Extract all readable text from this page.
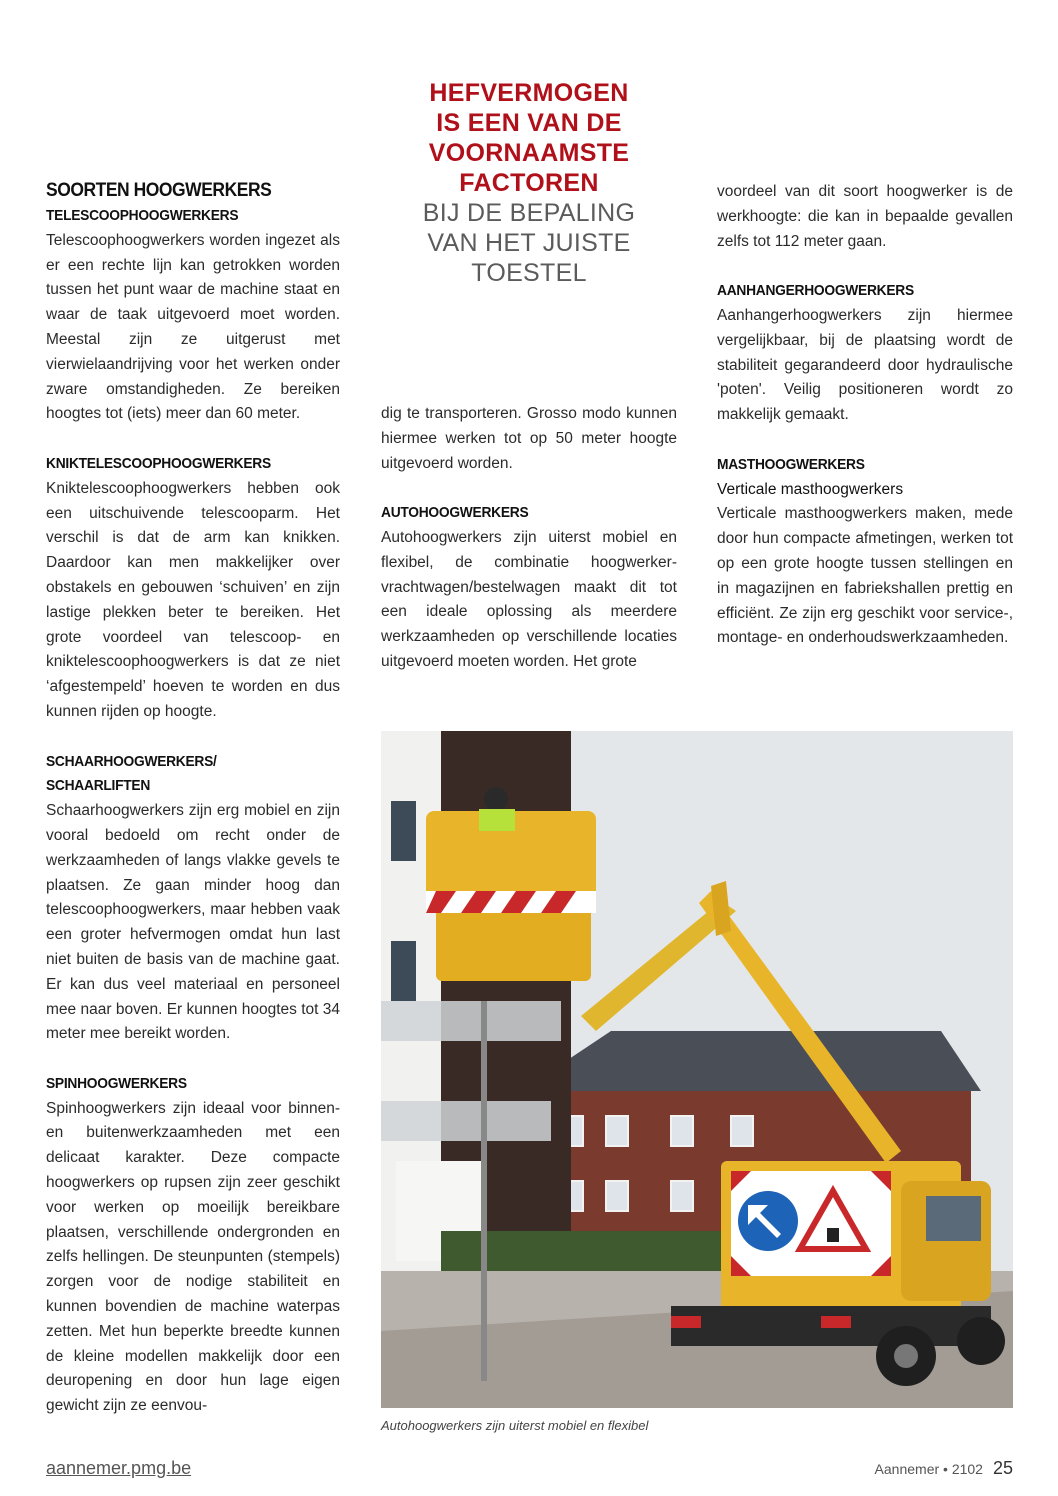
HEFVERMOGEN

IS EEN VAN DE

VOORNAAMSTE

FACTOREN

BIJ DE BEPALING

VAN HET JUISTE

TOESTEL

SOORTEN HOOGWERKERS
TELESCOOPHOOGWERKERS

Telescoophoogwerkers worden ingezet als er een rechte lijn kan getrokken worden tussen het punt waar de machine staat en waar de taak uitgevoerd moet worden. Meestal zijn ze uitgerust met vierwielaandrijving voor het werken onder zware omstandigheden. Ze bereiken hoogtes tot (iets) meer dan 60 meter.

KNIKTELESCOOPHOOGWERKERS

Kniktelescoophoogwerkers hebben ook een uitschuivende telescooparm. Het verschil is dat de arm kan knikken. Daardoor kan men makkelijker over obstakels en gebouwen ‘schuiven’ en zijn lastige plekken beter te bereiken. Het grote voordeel van telescoop- en kniktelescoophoogwerkers is dat ze niet ‘afgestempeld’ hoeven te worden en dus kunnen rijden op hoogte.

SCHAARHOOGWERKERS/
SCHAARLIFTEN

Schaarhoogwerkers zijn erg mobiel en zijn vooral bedoeld om recht onder de werkzaamheden of langs vlakke gevels te plaatsen. Ze gaan minder hoog dan telescoophoogwerkers, maar hebben vaak een groter hefvermogen omdat hun last niet buiten de basis van de machine gaat. Er kan dus veel materiaal en personeel mee naar boven. Er kunnen hoogtes tot 34 meter mee bereikt worden.

SPINHOOGWERKERS

Spinhoogwerkers zijn ideaal voor binnen- en buitenwerkzaamheden met een delicaat karakter. Deze compacte hoogwerkers op rupsen zijn zeer geschikt voor werken op moeilijk bereikbare plaatsen, verschillende ondergronden en zelfs hellingen. De steunpunten (stempels) zorgen voor de nodige stabiliteit en kunnen bovendien de machine waterpas zetten. Met hun beperkte breedte kunnen de kleine modellen makkelijk door een deuropening en door hun lage eigen gewicht zijn ze eenvou-

dig te transporteren. Grosso modo kunnen hiermee werken tot op 50 meter hoogte uitgevoerd worden.

AUTOHOOGWERKERS

Autohoogwerkers zijn uiterst mobiel en flexibel, de combinatie hoogwerker-vrachtwagen/bestelwagen maakt dit tot een ideale oplossing als meerdere werkzaamheden op verschillende locaties uitgevoerd moeten worden. Het grote

voordeel van dit soort hoogwerker is de werkhoogte: die kan in bepaalde gevallen zelfs tot 112 meter gaan.

AANHANGERHOOGWERKERS

Aanhangerhoogwerkers zijn hiermee vergelijkbaar, bij de plaatsing wordt de stabiliteit gegarandeerd door hydraulische 'poten'. Veilig positioneren wordt zo makkelijk gemaakt.

MASTHOOGWERKERS
Verticale masthoogwerkers

Verticale masthoogwerkers maken, mede door hun compacte afmetingen, werken tot op een grote hoogte tussen stellingen en in magazijnen en fabriekshallen prettig en efficiënt. Ze zijn erg geschikt voor service-, montage- en onderhoudswerkzaamheden.

Autohoogwerkers zijn uiterst mobiel en flexibel

aannemer.pmg.be	Aannemer • 2102 25
